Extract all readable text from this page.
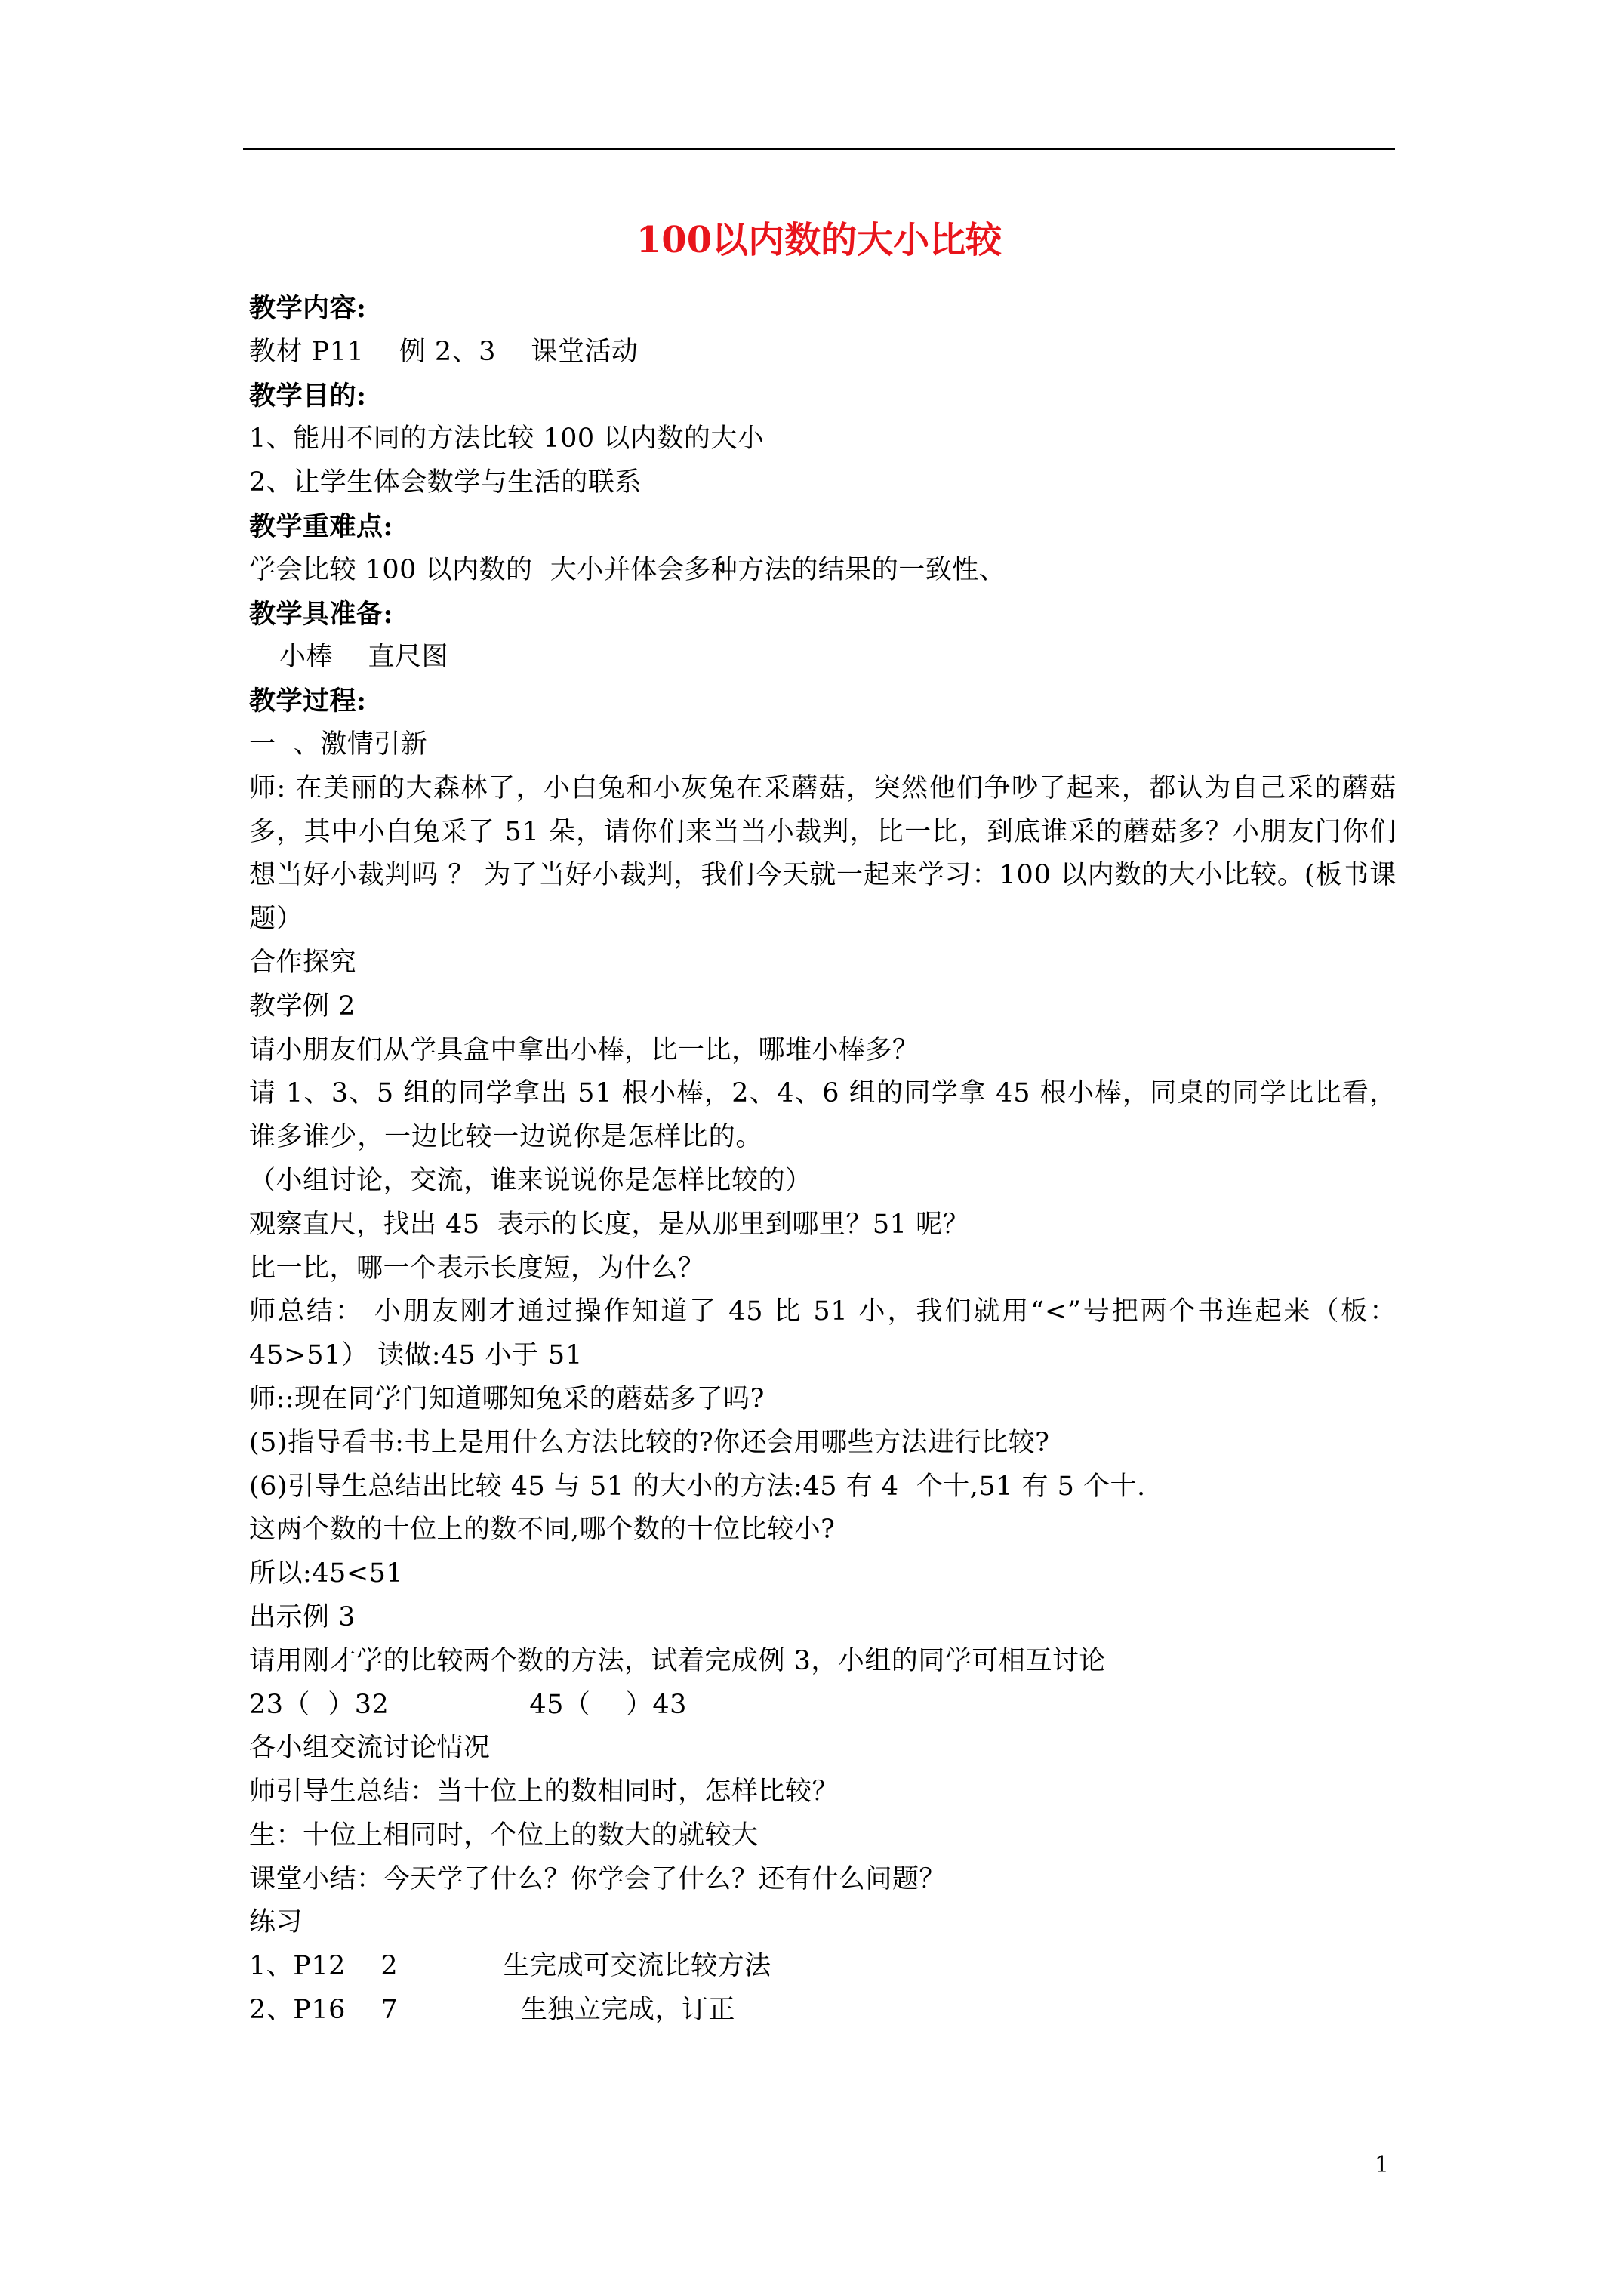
100以内数的大小比较
教学内容:
教材 P11    例 2、3    课堂活动
教学目的:
1、能用不同的方法比较 100 以内数的大小
2、让学生体会数学与生活的联系
教学重难点:
学会比较 100 以内数的  大小并体会多种方法的结果的一致性、
教学具准备:
小棒    直尺图
教学过程:
一  、激情引新
师: 在美丽的大森林了，小白兔和小灰兔在采蘑菇，突然他们争吵了起来，都认为自己采的蘑菇多，其中小白兔采了 51 朵，请你们来当当小裁判，比一比，到底谁采的蘑菇多？小朋友门你们想当好小裁判吗 ？ 为了当好小裁判，我们今天就一起来学习：100 以内数的大小比较。(板书课题）
合作探究
教学例 2
请小朋友们从学具盒中拿出小棒，比一比，哪堆小棒多？
请 1、3、5 组的同学拿出 51 根小棒，2、4、6 组的同学拿 45 根小棒，同桌的同学比比看，谁多谁少，一边比较一边说你是怎样比的。
（小组讨论，交流，谁来说说你是怎样比较的）
观察直尺，找出 45  表示的长度，是从那里到哪里？51 呢？
比一比，哪一个表示长度短，为什么？
师总结： 小朋友刚才通过操作知道了 45 比 51 小，我们就用“<”号把两个书连起来（板：45>51） 读做:45 小于 51
师::现在同学门知道哪知兔采的蘑菇多了吗?
(5)指导看书:书上是用什么方法比较的?你还会用哪些方法进行比较?
(6)引导生总结出比较 45 与 51 的大小的方法:45 有 4  个十,51 有 5 个十.
这两个数的十位上的数不同,哪个数的十位比较小?
所以:45<51
出示例 3
请用刚才学的比较两个数的方法，试着完成例 3，小组的同学可相互讨论
23（  ）32                45（    ）43
各小组交流讨论情况
师引导生总结：当十位上的数相同时，怎样比较？
生：十位上相同时，个位上的数大的就较大
课堂小结：今天学了什么？你学会了什么？还有什么问题？
练习
1、P12    2            生完成可交流比较方法
2、P16    7              生独立完成，订正
1
